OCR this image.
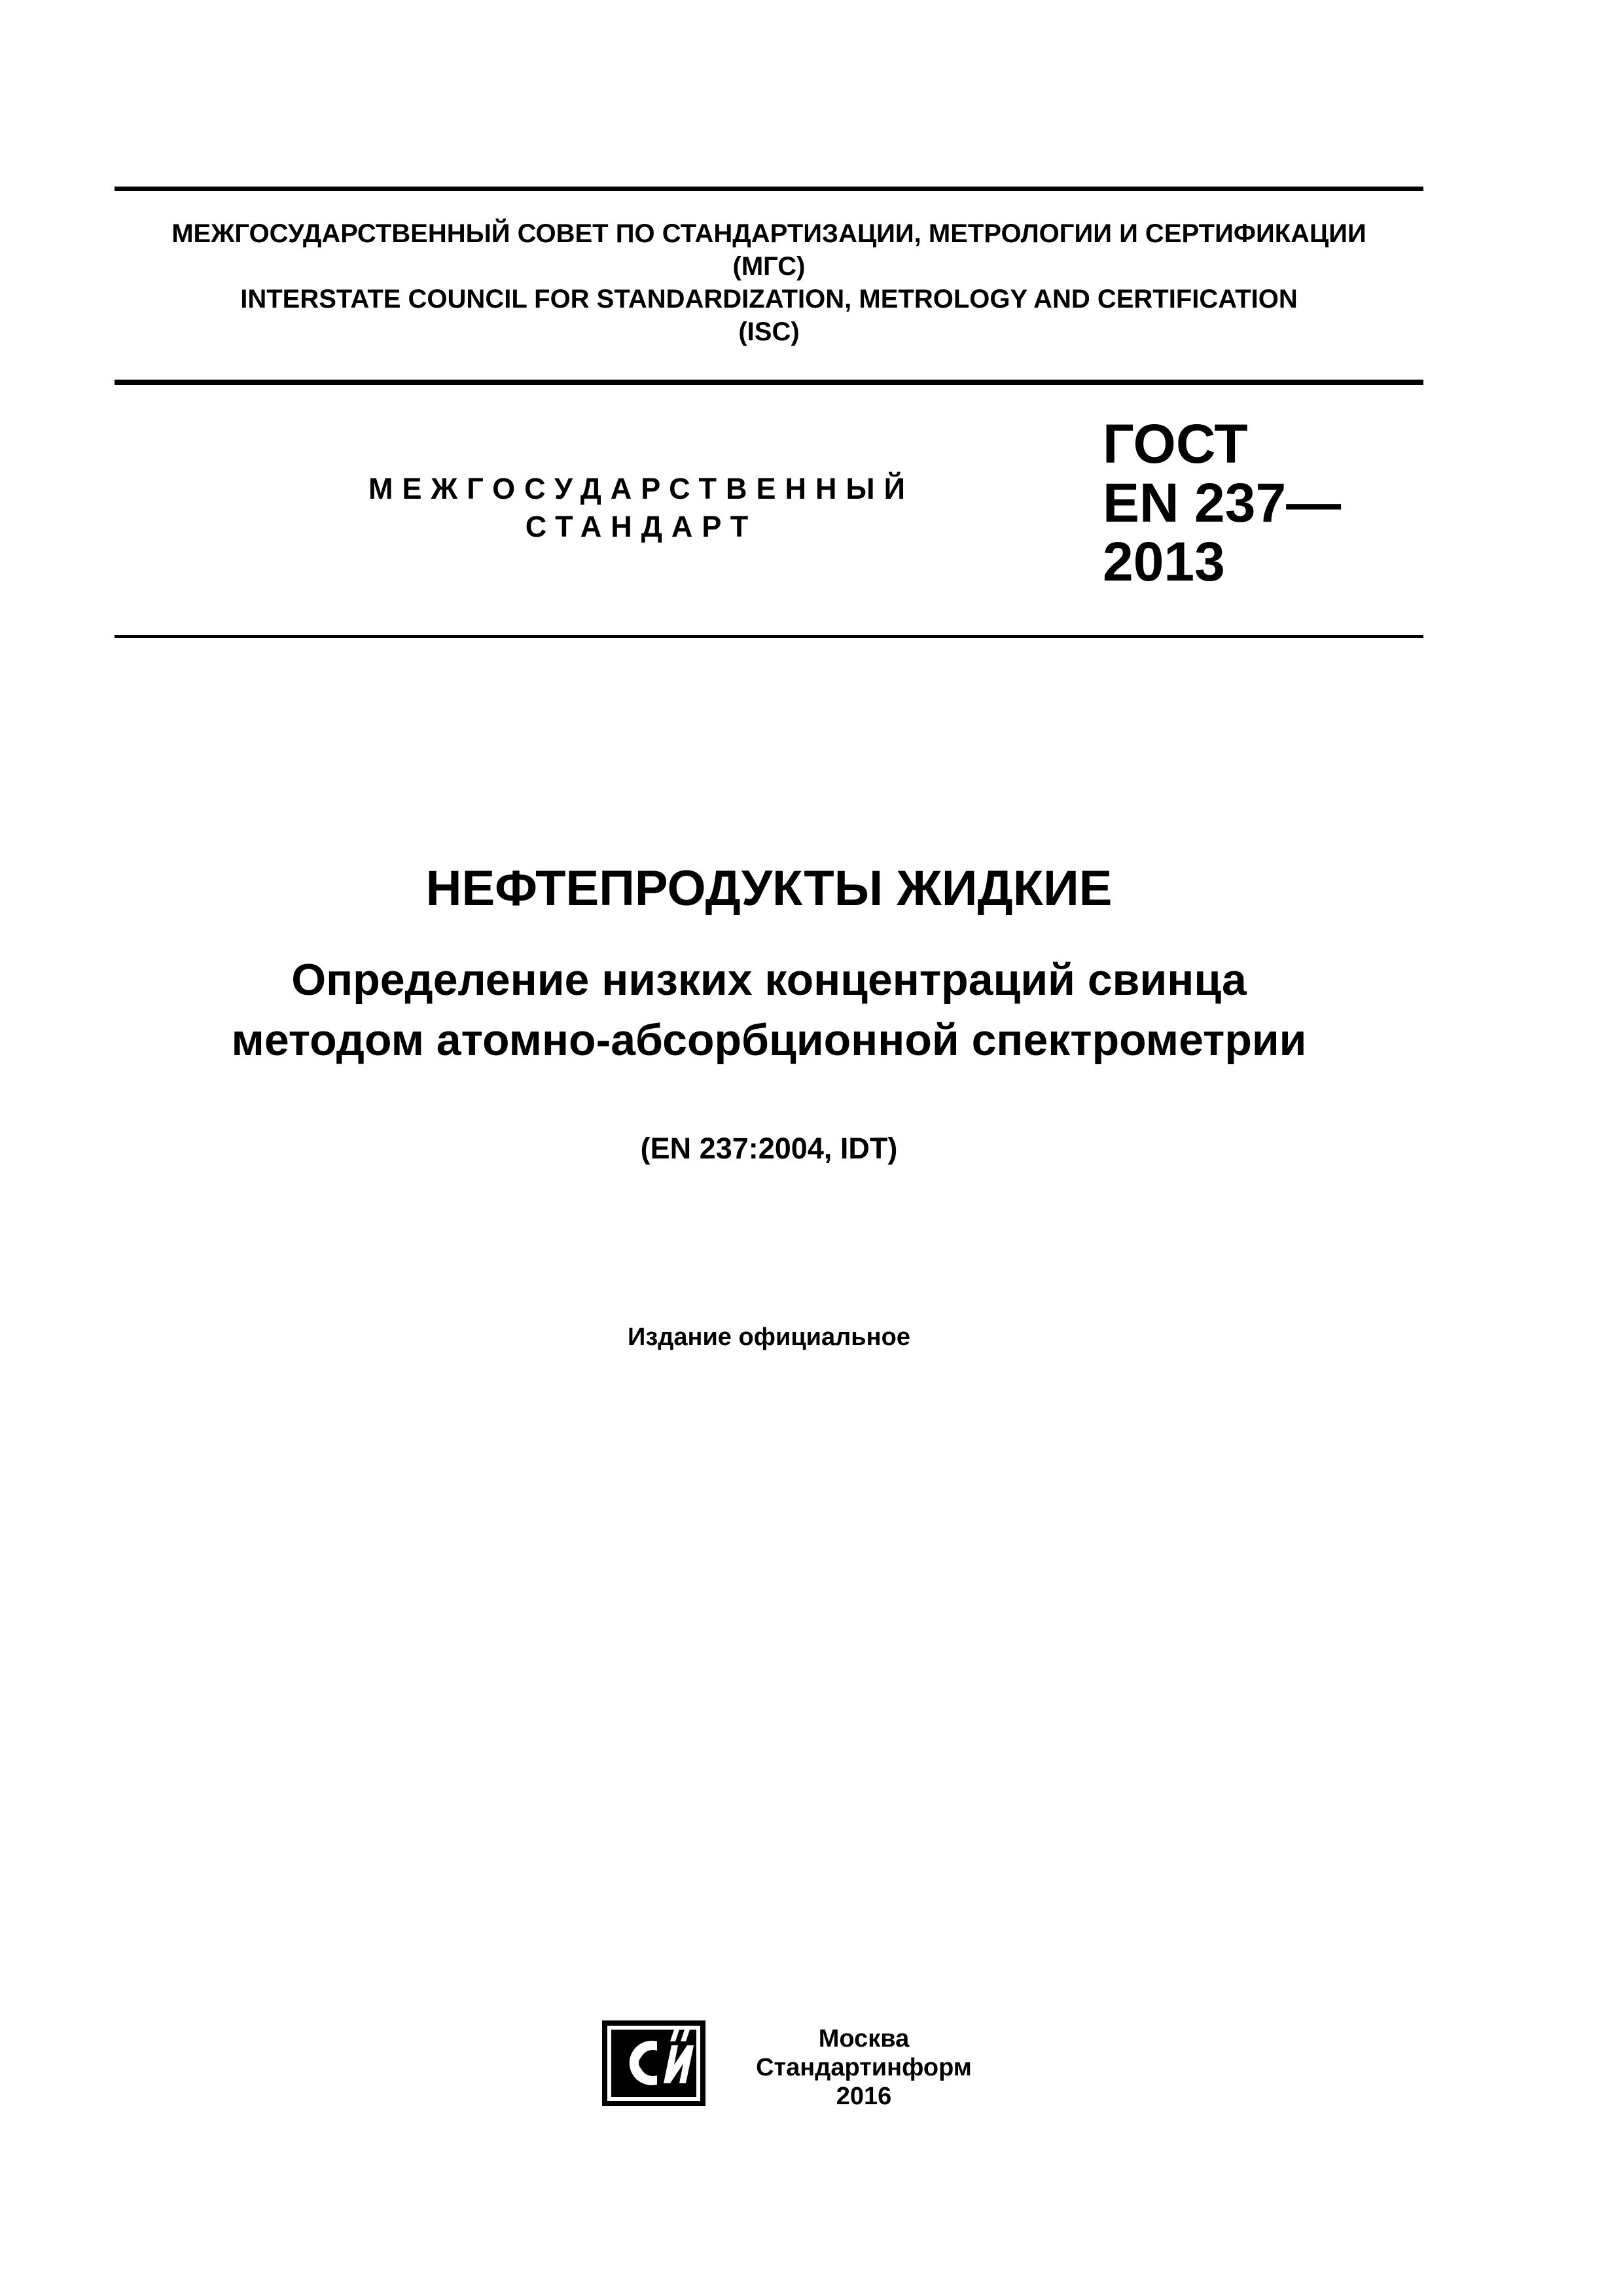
МЕЖГОСУДАРСТВЕННЫЙ СОВЕТ ПО СТАНДАРТИЗАЦИИ, МЕТРОЛОГИИ И СЕРТИФИКАЦИИ
(МГС)
INTERSTATE COUNCIL FOR STANDARDIZATION, METROLOGY AND CERTIFICATION
(ISC)
МЕЖГОСУДАРСТВЕННЫЙ
СТАНДАРТ
ГОСТ
EN 237—
2013
НЕФТЕПРОДУКТЫ ЖИДКИЕ
Определение низких концентраций свинца
методом атомно-абсорбционной спектрометрии
(EN 237:2004, IDT)
Издание официальное
Москва
Стандартинформ
2016
